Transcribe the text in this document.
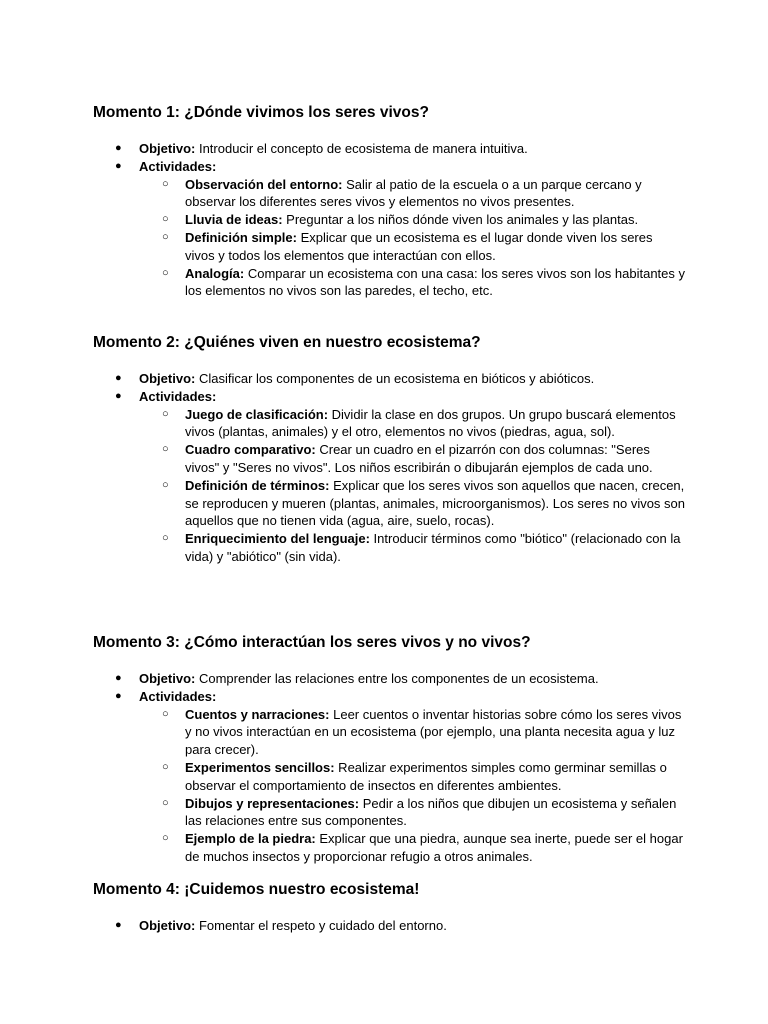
Momento 1: ¿Dónde vivimos los seres vivos?
● Objetivo: Introducir el concepto de ecosistema de manera intuitiva.
● Actividades:
○ Observación del entorno: Salir al patio de la escuela o a un parque cercano y observar los diferentes seres vivos y elementos no vivos presentes.
○ Lluvia de ideas: Preguntar a los niños dónde viven los animales y las plantas.
○ Definición simple: Explicar que un ecosistema es el lugar donde viven los seres vivos y todos los elementos que interactúan con ellos.
○ Analogía: Comparar un ecosistema con una casa: los seres vivos son los habitantes y los elementos no vivos son las paredes, el techo, etc.
Momento 2: ¿Quiénes viven en nuestro ecosistema?
● Objetivo: Clasificar los componentes de un ecosistema en bióticos y abióticos.
● Actividades:
○ Juego de clasificación: Dividir la clase en dos grupos. Un grupo buscará elementos vivos (plantas, animales) y el otro, elementos no vivos (piedras, agua, sol).
○ Cuadro comparativo: Crear un cuadro en el pizarrón con dos columnas: "Seres vivos" y "Seres no vivos". Los niños escribirán o dibujarán ejemplos de cada uno.
○ Definición de términos: Explicar que los seres vivos son aquellos que nacen, crecen, se reproducen y mueren (plantas, animales, microorganismos). Los seres no vivos son aquellos que no tienen vida (agua, aire, suelo, rocas).
○ Enriquecimiento del lenguaje: Introducir términos como "biótico" (relacionado con la vida) y "abiótico" (sin vida).
Momento 3: ¿Cómo interactúan los seres vivos y no vivos?
● Objetivo: Comprender las relaciones entre los componentes de un ecosistema.
● Actividades:
○ Cuentos y narraciones: Leer cuentos o inventar historias sobre cómo los seres vivos y no vivos interactúan en un ecosistema (por ejemplo, una planta necesita agua y luz para crecer).
○ Experimentos sencillos: Realizar experimentos simples como germinar semillas o observar el comportamiento de insectos en diferentes ambientes.
○ Dibujos y representaciones: Pedir a los niños que dibujen un ecosistema y señalen las relaciones entre sus componentes.
○ Ejemplo de la piedra: Explicar que una piedra, aunque sea inerte, puede ser el hogar de muchos insectos y proporcionar refugio a otros animales.
Momento 4: ¡Cuidemos nuestro ecosistema!
● Objetivo: Fomentar el respeto y cuidado del entorno.
